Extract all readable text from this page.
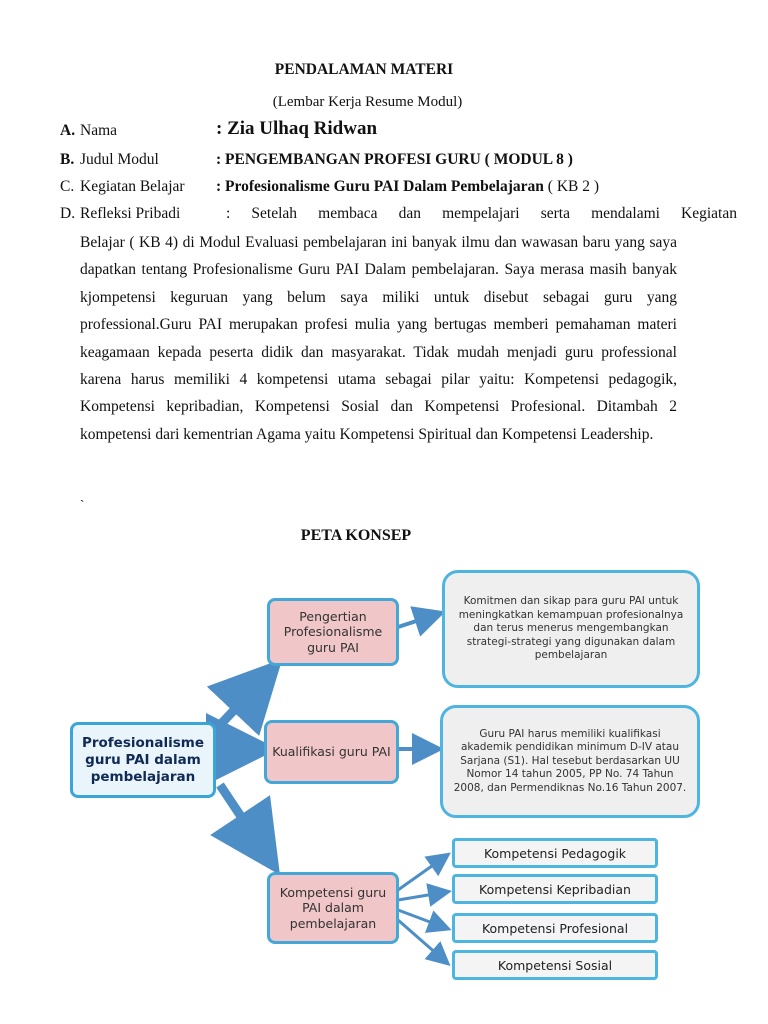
PENDALAMAN MATERI
(Lembar Kerja Resume Modul)
A. Nama	: Zia Ulhaq Ridwan
B. Judul Modul	: PENGEMBANGAN PROFESI GURU ( MODUL 8 )
C. Kegiatan Belajar : Profesionalisme Guru PAI Dalam Pembelajaran ( KB 2 )
D. Refleksi Pribadi	: Setelah membaca dan mempelajari serta mendalami Kegiatan
Belajar ( KB 4) di Modul Evaluasi pembelajaran ini banyak ilmu dan wawasan baru yang saya dapatkan tentang Profesionalisme Guru PAI Dalam pembelajaran. Saya merasa masih banyak kjompetensi keguruan yang belum saya miliki untuk disebut sebagai guru yang professional.Guru PAI merupakan profesi mulia yang bertugas memberi pemahaman materi keagamaan kepada peserta didik dan masyarakat. Tidak mudah menjadi guru professional karena harus memiliki 4 kompetensi utama sebagai pilar yaitu: Kompetensi pedagogik, Kompetensi kepribadian, Kompetensi Sosial dan Kompetensi Profesional. Ditambah 2 kompetensi dari kementrian Agama yaitu Kompetensi Spiritual dan Kompetensi Leadership.
`
PETA KONSEP
Profesionalisme guru PAI dalam pembelajaran
Pengertian Profesionalisme guru PAI
Komitmen dan sikap para guru PAI untuk meningkatkan kemampuan profesionalnya dan terus menerus mengembangkan strategi-strategi yang digunakan dalam pembelajaran
Kualifikasi guru PAI
Guru PAI harus memiliki kualifikasi akademik pendidikan minimum D-IV atau Sarjana (S1). Hal tesebut berdasarkan UU Nomor 14 tahun 2005, PP No. 74 Tahun 2008, dan Permendiknas No.16 Tahun 2007.
Kompetensi guru PAI dalam pembelajaran
Kompetensi Pedagogik
Kompetensi Kepribadian
Kompetensi Profesional
Kompetensi Sosial
